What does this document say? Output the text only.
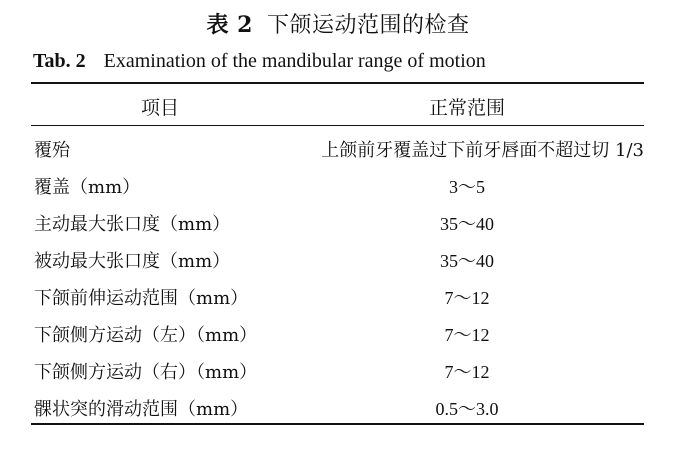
表 2 下颌运动范围的检查
Tab. 2 Examination of the mandibular range of motion
项目	正常范围
覆殆	上颌前牙覆盖过下前牙唇面不超过切 1/3
覆盖（mm）	3～5
主动最大张口度（mm）	35～40
被动最大张口度（mm）	35～40
下颌前伸运动范围（mm）	7～12
下颌侧方运动（左）（mm）	7～12
下颌侧方运动（右）（mm）	7～12
髁状突的滑动范围（mm）	0.5～3.0
